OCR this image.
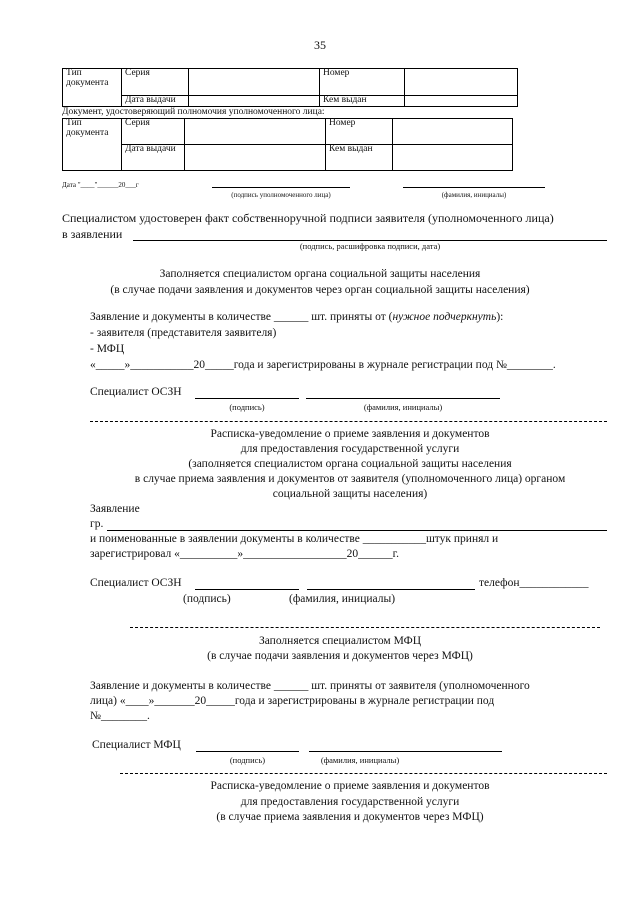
35
Тип документа	Серия		Номер	
	Дата выдачи		Кем выдан	
Документ, удостоверяющий полномочия уполномоченного лица:
Тип документа	Серия		Номер	
	Дата выдачи		Кем выдан	
Дата "____"______20___г
(подпись уполномоченного лица)	(фамилия, инициалы)
Специалистом удостоверен факт собственноручной подписи заявителя (уполномоченного лица)
в заявлении
(подпись, расшифровка подписи, дата)
Заполняется специалистом органа социальной защиты населения
(в случае подачи заявления и документов через орган социальной защиты населения)
Заявление и документы в количестве ______ шт. приняты от (нужное подчеркнуть):
- заявителя (представителя заявителя)
- МФЦ
«_____»___________20_____года и зарегистрированы в журнале регистрации под №________.
Специалист ОСЗН
(подпись)	(фамилия, инициалы)
Расписка-уведомление о приеме заявления и документов
для предоставления государственной услуги
(заполняется специалистом органа социальной защиты населения
в случае приема заявления и документов от заявителя (уполномоченного лица) органом
социальной защиты населения)
Заявление
гр.
и поименованные в заявлении документы в количестве ___________штук принял и
зарегистрировал «__________»__________________20______г.
Специалист ОСЗН	телефон____________
(подпись)	(фамилия, инициалы)
Заполняется специалистом МФЦ
(в случае подачи заявления и документов через МФЦ)
Заявление и документы в количестве ______ шт. приняты от заявителя (уполномоченного
лица) «____»_______20_____года и зарегистрированы в журнале регистрации под
№________.
Специалист МФЦ
(подпись)	(фамилия, инициалы)
Расписка-уведомление о приеме заявления и документов
для предоставления государственной услуги
(в случае приема заявления и документов через МФЦ)
